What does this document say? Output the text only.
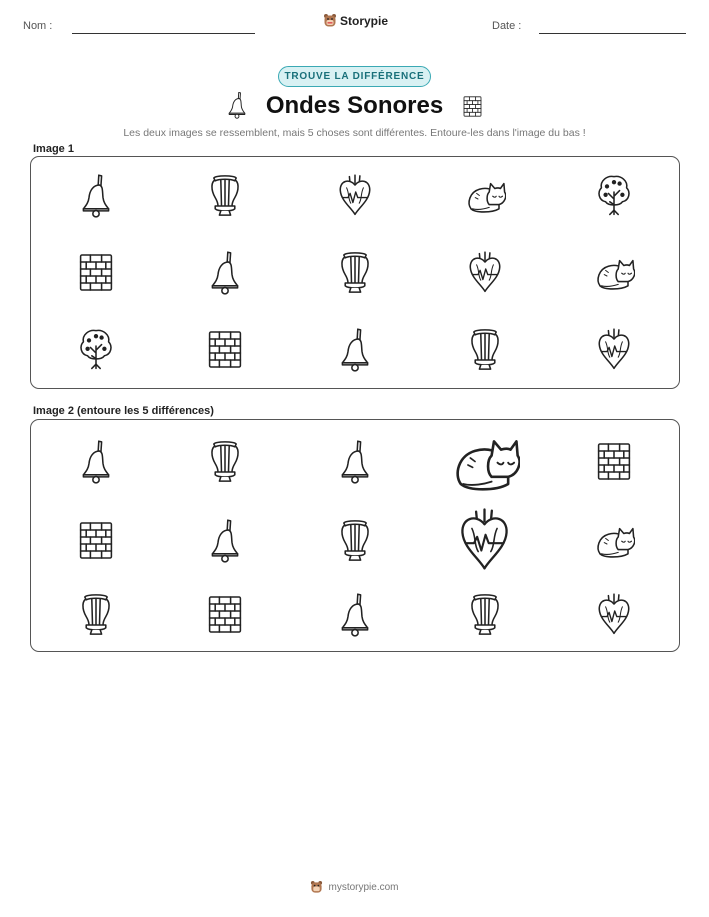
Nom :	Storypie	Date :
TROUVE LA DIFFÉRENCE
Ondes Sonores
Les deux images se ressemblent, mais 5 choses sont différentes. Entoure-les dans l'image du bas !
Image 1
Image 2 (entoure les 5 différences)
mystorypie.com
